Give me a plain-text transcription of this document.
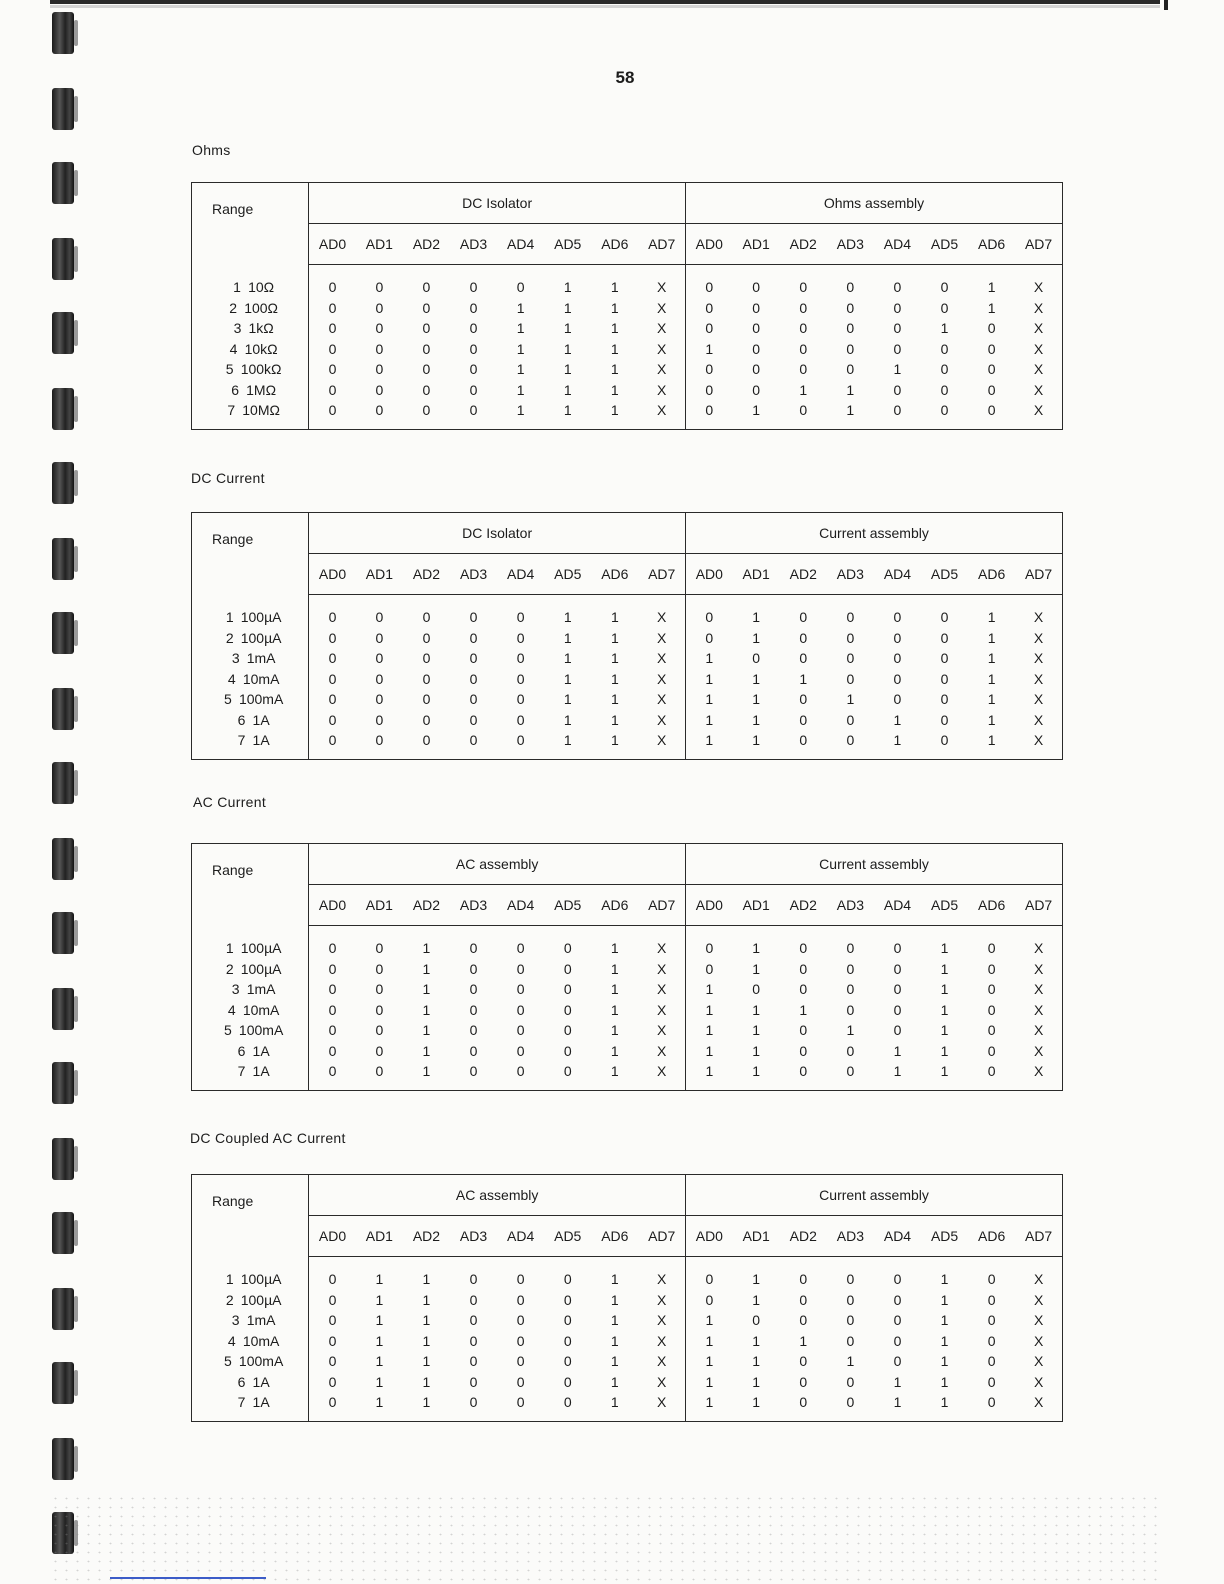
58
Ohms
Range	DC Isolator								Ohms assembly							
	AD0	AD1	AD2	AD3	AD4	AD5	AD6	AD7	AD0	AD1	AD2	AD3	AD4	AD5	AD6	AD7
1 10Ω	0	0	0	0	0	1	1	X	0	0	0	0	0	0	1	X
2 100Ω	0	0	0	0	1	1	1	X	0	0	0	0	0	0	1	X
3 1kΩ	0	0	0	0	1	1	1	X	0	0	0	0	0	1	0	X
4 10kΩ	0	0	0	0	1	1	1	X	1	0	0	0	0	0	0	X
5 100kΩ	0	0	0	0	1	1	1	X	0	0	0	0	1	0	0	X
6 1MΩ	0	0	0	0	1	1	1	X	0	0	1	1	0	0	0	X
7 10MΩ	0	0	0	0	1	1	1	X	0	1	0	1	0	0	0	X
DC Current
Range	DC Isolator								Current assembly							
	AD0	AD1	AD2	AD3	AD4	AD5	AD6	AD7	AD0	AD1	AD2	AD3	AD4	AD5	AD6	AD7
1 100µA	0	0	0	0	0	1	1	X	0	1	0	0	0	0	1	X
2 100µA	0	0	0	0	0	1	1	X	0	1	0	0	0	0	1	X
3 1mA	0	0	0	0	0	1	1	X	1	0	0	0	0	0	1	X
4 10mA	0	0	0	0	0	1	1	X	1	1	1	0	0	0	1	X
5 100mA	0	0	0	0	0	1	1	X	1	1	0	1	0	0	1	X
6 1A	0	0	0	0	0	1	1	X	1	1	0	0	1	0	1	X
7 1A	0	0	0	0	0	1	1	X	1	1	0	0	1	0	1	X
AC Current
Range	AC assembly								Current assembly							
	AD0	AD1	AD2	AD3	AD4	AD5	AD6	AD7	AD0	AD1	AD2	AD3	AD4	AD5	AD6	AD7
1 100µA	0	0	1	0	0	0	1	X	0	1	0	0	0	1	0	X
2 100µA	0	0	1	0	0	0	1	X	0	1	0	0	0	1	0	X
3 1mA	0	0	1	0	0	0	1	X	1	0	0	0	0	1	0	X
4 10mA	0	0	1	0	0	0	1	X	1	1	1	0	0	1	0	X
5 100mA	0	0	1	0	0	0	1	X	1	1	0	1	0	1	0	X
6 1A	0	0	1	0	0	0	1	X	1	1	0	0	1	1	0	X
7 1A	0	0	1	0	0	0	1	X	1	1	0	0	1	1	0	X
DC Coupled AC Current
Range	AC assembly								Current assembly							
	AD0	AD1	AD2	AD3	AD4	AD5	AD6	AD7	AD0	AD1	AD2	AD3	AD4	AD5	AD6	AD7
1 100µA	0	1	1	0	0	0	1	X	0	1	0	0	0	1	0	X
2 100µA	0	1	1	0	0	0	1	X	0	1	0	0	0	1	0	X
3 1mA	0	1	1	0	0	0	1	X	1	0	0	0	0	1	0	X
4 10mA	0	1	1	0	0	0	1	X	1	1	1	0	0	1	0	X
5 100mA	0	1	1	0	0	0	1	X	1	1	0	1	0	1	0	X
6 1A	0	1	1	0	0	0	1	X	1	1	0	0	1	1	0	X
7 1A	0	1	1	0	0	0	1	X	1	1	0	0	1	1	0	X
